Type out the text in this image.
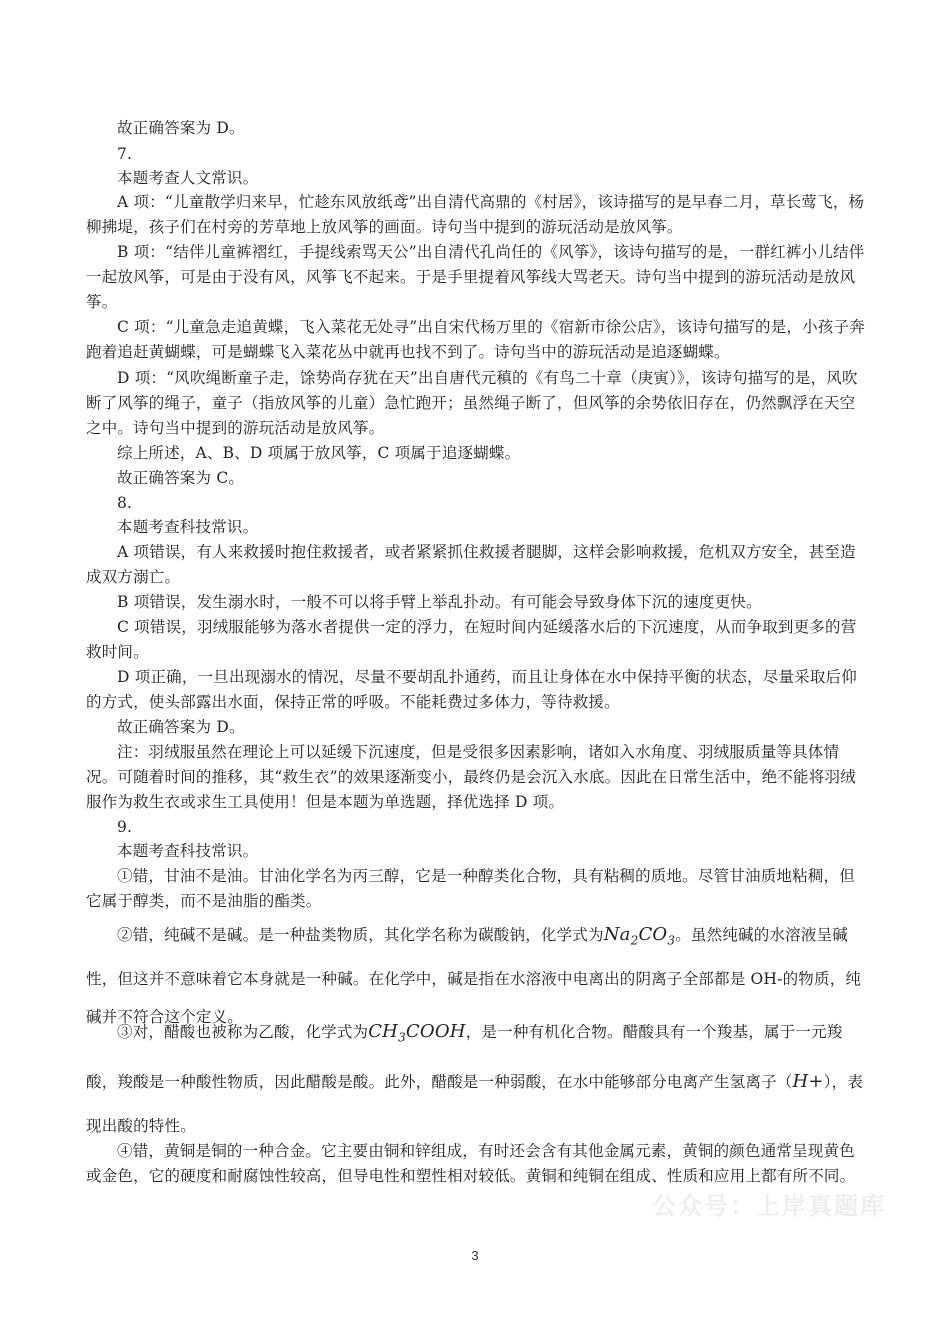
故正确答案为 D。

7.

本题考查人文常识。

A 项：“儿童散学归来早，忙趁东风放纸鸢”出自清代高鼎的《村居》，该诗描写的是早春二月，草长莺飞，杨柳拂堤，孩子们在村旁的芳草地上放风筝的画面。诗句当中提到的游玩活动是放风筝。

B 项：“结伴儿童裤褶红，手提线索骂天公”出自清代孔尚任的《风筝》，该诗句描写的是，一群红裤小儿结伴一起放风筝，可是由于没有风，风筝飞不起来。于是手里提着风筝线大骂老天。诗句当中提到的游玩活动是放风筝。

C 项：“儿童急走追黄蝶，飞入菜花无处寻”出自宋代杨万里的《宿新市徐公店》，该诗句描写的是，小孩子奔跑着追赶黄蝴蝶，可是蝴蝶飞入菜花丛中就再也找不到了。诗句当中的游玩活动是追逐蝴蝶。

D 项：“风吹绳断童子走，馀势尚存犹在天”出自唐代元稹的《有鸟二十章（庚寅）》，该诗句描写的是，风吹断了风筝的绳子，童子（指放风筝的儿童）急忙跑开；虽然绳子断了，但风筝的余势依旧存在，仍然飘浮在天空之中。诗句当中提到的游玩活动是放风筝。

综上所述，A、B、D 项属于放风筝，C 项属于追逐蝴蝶。

故正确答案为 C。

8.

本题考查科技常识。

A 项错误，有人来救援时抱住救援者，或者紧紧抓住救援者腿脚，这样会影响救援，危机双方安全，甚至造成双方溺亡。

B 项错误，发生溺水时，一般不可以将手臂上举乱扑动。有可能会导致身体下沉的速度更快。

C 项错误，羽绒服能够为落水者提供一定的浮力，在短时间内延缓落水后的下沉速度，从而争取到更多的营救时间。

D 项正确，一旦出现溺水的情况，尽量不要胡乱扑通药，而且让身体在水中保持平衡的状态，尽量采取后仰的方式，使头部露出水面，保持正常的呼吸。不能耗费过多体力，等待救援。

故正确答案为 D。

注：羽绒服虽然在理论上可以延缓下沉速度，但是受很多因素影响，诸如入水角度、羽绒服质量等具体情况。可随着时间的推移，其“救生衣”的效果逐渐变小，最终仍是会沉入水底。因此在日常生活中，绝不能将羽绒服作为救生衣或求生工具使用！但是本题为单选题，择优选择 D 项。

9.

本题考查科技常识。

①错，甘油不是油。甘油化学名为丙三醇，它是一种醇类化合物，具有粘稠的质地。尽管甘油质地粘稠，但它属于醇类，而不是油脂的酯类。

②错，纯碱不是碱。是一种盐类物质，其化学名称为碳酸钠，化学式为$Na_2CO_3$。虽然纯碱的水溶液呈碱性，但这并不意味着它本身就是一种碱。在化学中，碱是指在水溶液中电离出的阴离子全部都是 OH-的物质，纯碱并不符合这个定义。

③对，醋酸也被称为乙酸，化学式为$CH_3COOH$，是一种有机化合物。醋酸具有一个羧基，属于一元羧酸，羧酸是一种酸性物质，因此醋酸是酸。此外，醋酸是一种弱酸，在水中能够部分电离产生氢离子（H+），表现出酸的特性。

④错，黄铜是铜的一种合金。它主要由铜和锌组成，有时还会含有其他金属元素，黄铜的颜色通常呈现黄色或金色，它的硬度和耐腐蚀性较高，但导电性和塑性相对较低。黄铜和纯铜在组成、性质和应用上都有所不同。

公众号：上岸真题库
3
